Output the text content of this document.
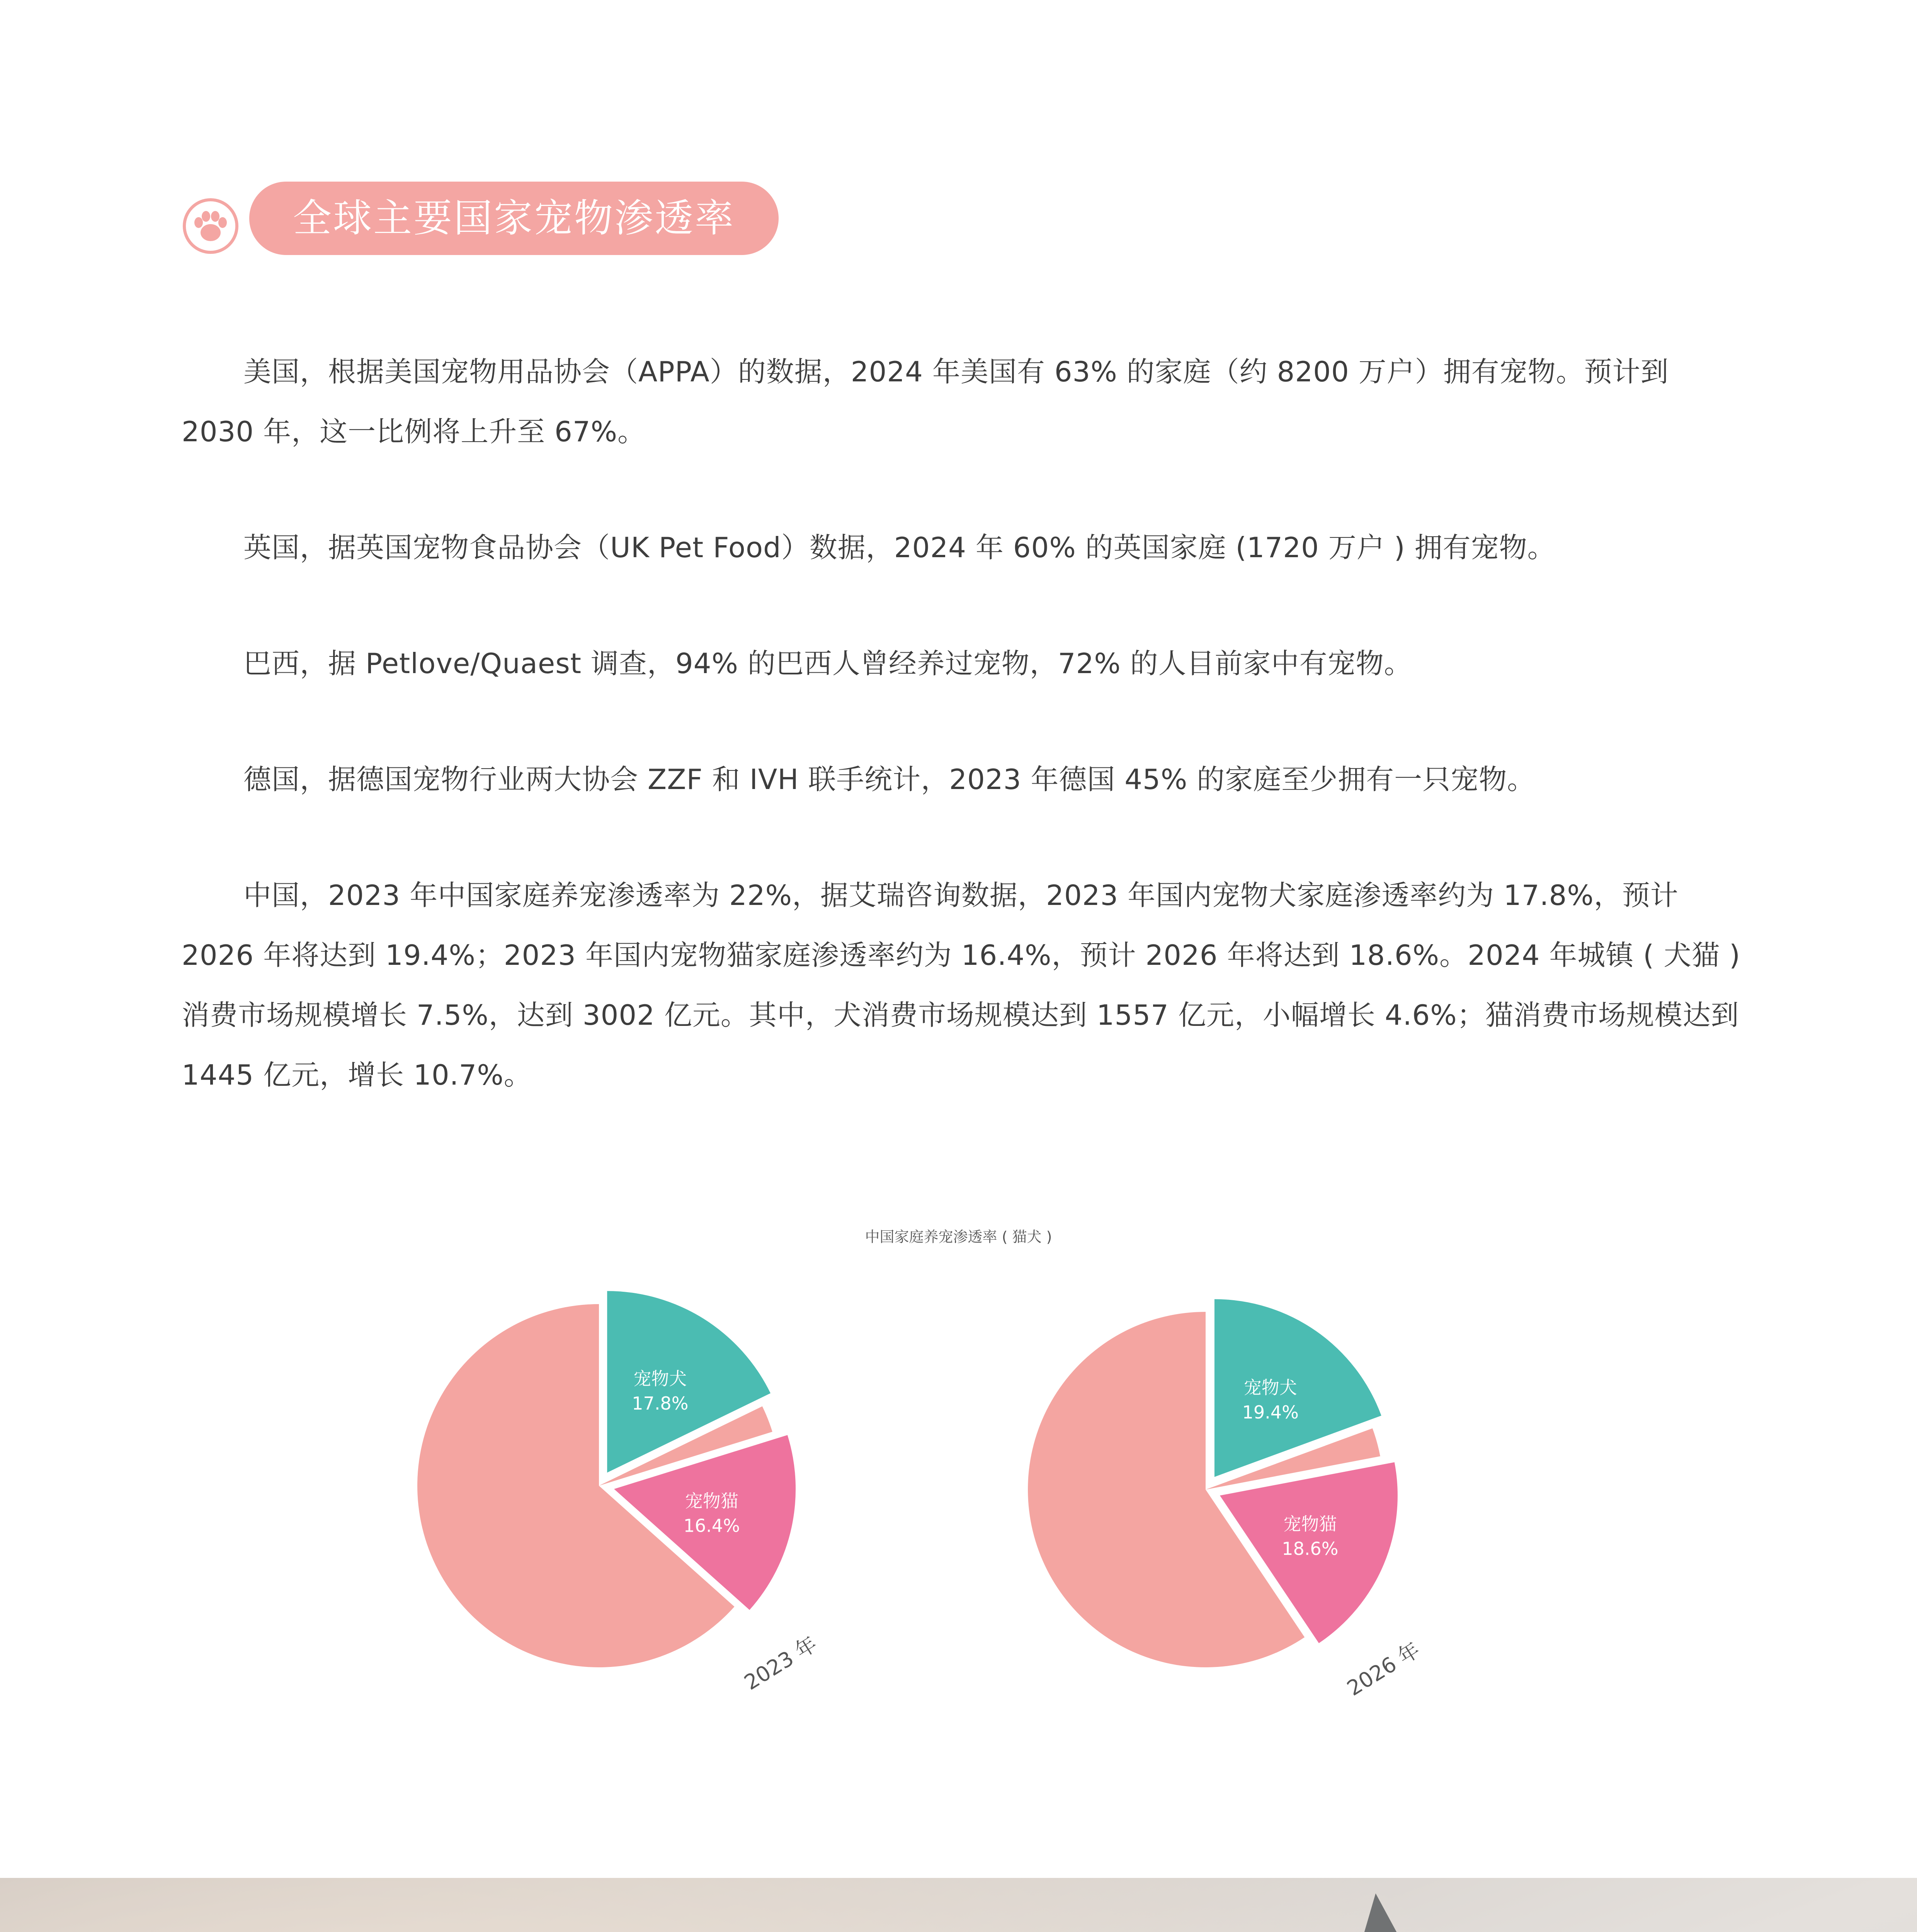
全球主要国家宠物渗透率

美国，根据美国宠物用品协会（APPA）的数据，2024 年美国有 63% 的家庭（约 8200 万户）拥有宠物。预计到 2030 年，这一比例将上升至 67%。

英国，据英国宠物食品协会（UK Pet Food）数据，2024 年 60% 的英国家庭 (1720 万户 ) 拥有宠物。

巴西，据 Petlove/Quaest 调查，94% 的巴西人曾经养过宠物，72% 的人目前家中有宠物。

德国，据德国宠物行业两大协会 ZZF 和 IVH 联手统计，2023 年德国 45% 的家庭至少拥有一只宠物。

中国，2023 年中国家庭养宠渗透率为 22%，据艾瑞咨询数据，2023 年国内宠物犬家庭渗透率约为 17.8%，预计 2026 年将达到 19.4%；2023 年国内宠物猫家庭渗透率约为 16.4%，预计 2026 年将达到 18.6%。2024 年城镇 ( 犬猫 ) 消费市场规模增长 7.5%，达到 3002 亿元。其中，犬消费市场规模达到 1557 亿元，小幅增长 4.6%；猫消费市场规模达到 1445 亿元，增长 10.7%。

中国家庭养宠渗透率 ( 猫犬 )
宠物犬
17.8%
宠物猫
16.4%
2023 年
宠物犬
19.4%
宠物猫
18.6%
2026 年
